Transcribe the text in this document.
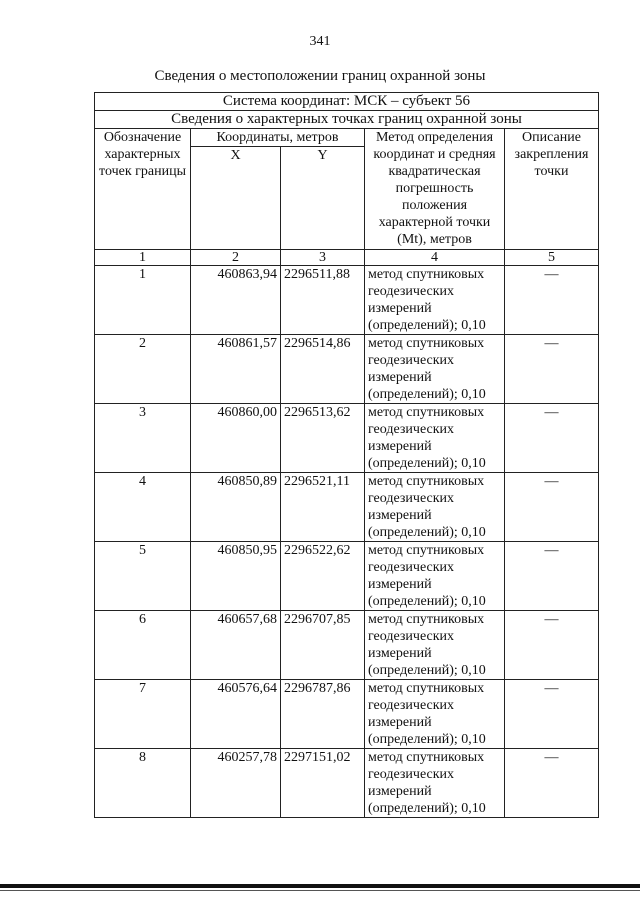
341
Сведения о местоположении границ охранной зоны
Система координат: МСК – субъект 56				
Сведения о характерных точках границ охранной зоны				
Обозначение характерных точек границы	Координаты, метров		Метод определения координат и средняя квадратическая погрешность положения характерной точки (Mt), метров	Описание закрепления точки
	X	Y		
1	2	3	4	5
1	460863,94	2296511,88	метод спутниковых геодезических измерений (определений); 0,10	—
2	460861,57	2296514,86	метод спутниковых геодезических измерений (определений); 0,10	—
3	460860,00	2296513,62	метод спутниковых геодезических измерений (определений); 0,10	—
4	460850,89	2296521,11	метод спутниковых геодезических измерений (определений); 0,10	—
5	460850,95	2296522,62	метод спутниковых геодезических измерений (определений); 0,10	—
6	460657,68	2296707,85	метод спутниковых геодезических измерений (определений); 0,10	—
7	460576,64	2296787,86	метод спутниковых геодезических измерений (определений); 0,10	—
8	460257,78	2297151,02	метод спутниковых геодезических измерений (определений); 0,10	—
